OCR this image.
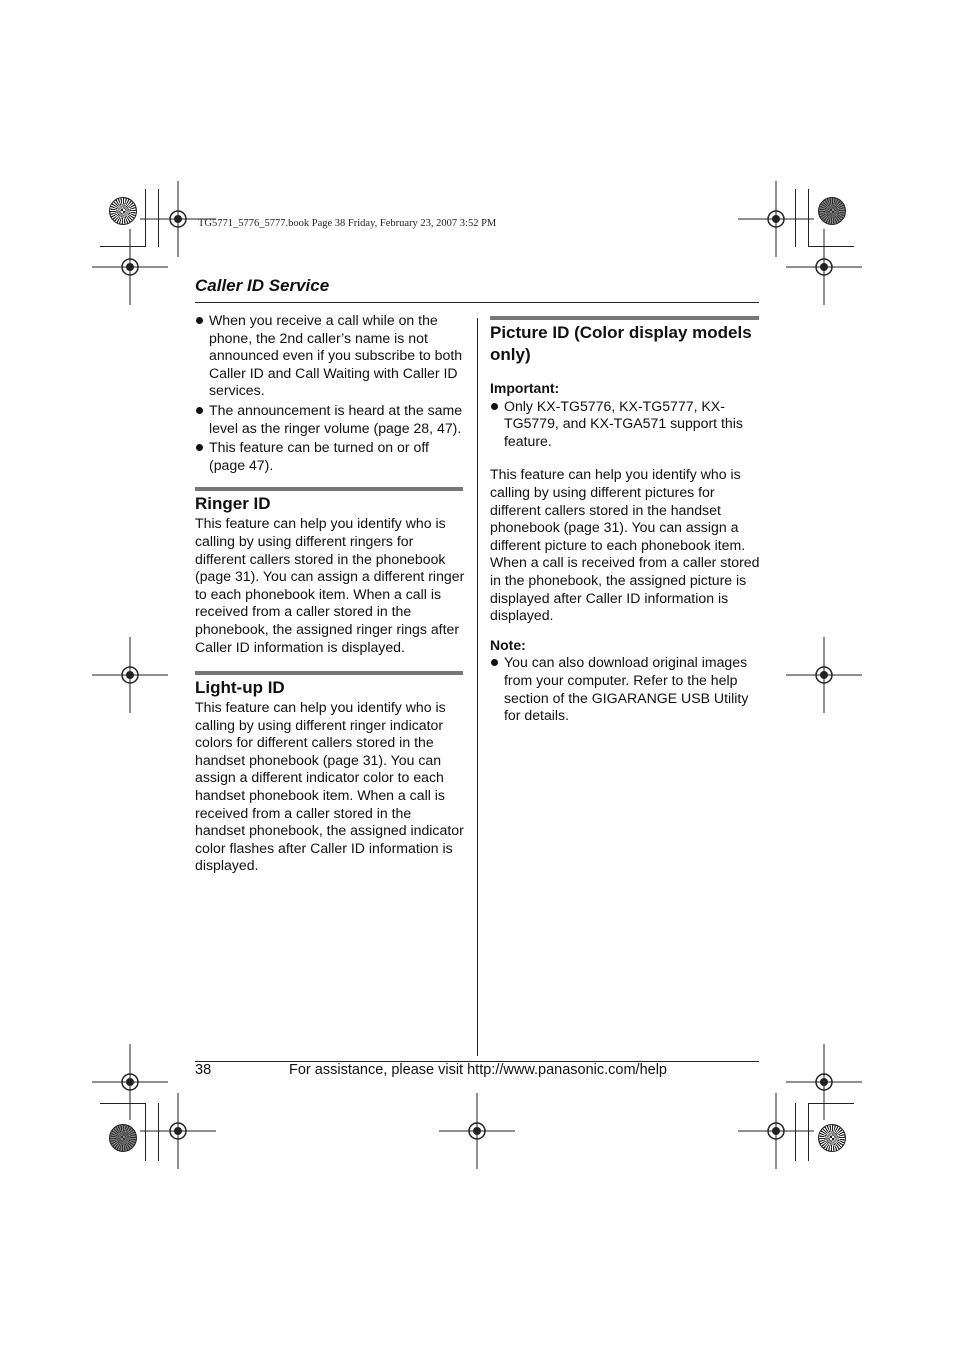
TG5771_5776_5777.book Page 38 Friday, February 23, 2007 3:52 PM
Caller ID Service
When you receive a call while on the phone, the 2nd caller’s name is not announced even if you subscribe to both Caller ID and Call Waiting with Caller ID services.
The announcement is heard at the same level as the ringer volume (page 28, 47).
This feature can be turned on or off (page 47).
Ringer ID

This feature can help you identify who is calling by using different ringers for different callers stored in the phonebook (page 31). You can assign a different ringer to each phonebook item. When a call is received from a caller stored in the phonebook, the assigned ringer rings after Caller ID information is displayed.

Light-up ID

This feature can help you identify who is calling by using different ringer indicator colors for different callers stored in the handset phonebook (page 31). You can assign a different indicator color to each handset phonebook item. When a call is received from a caller stored in the handset phonebook, the assigned indicator color flashes after Caller ID information is displayed.

Picture ID (Color display models only)
Important:
Only KX-TG5776, KX-TG5777, KX-TG5779, and KX-TGA571 support this feature.

This feature can help you identify who is calling by using different pictures for different callers stored in the handset phonebook (page 31). You can assign a different picture to each phonebook item. When a call is received from a caller stored in the phonebook, the assigned picture is displayed after Caller ID information is displayed.

Note:
You can also download original images from your computer. Refer to the help section of the GIGARANGE USB Utility for details.
38	For assistance, please visit http://www.panasonic.com/help
